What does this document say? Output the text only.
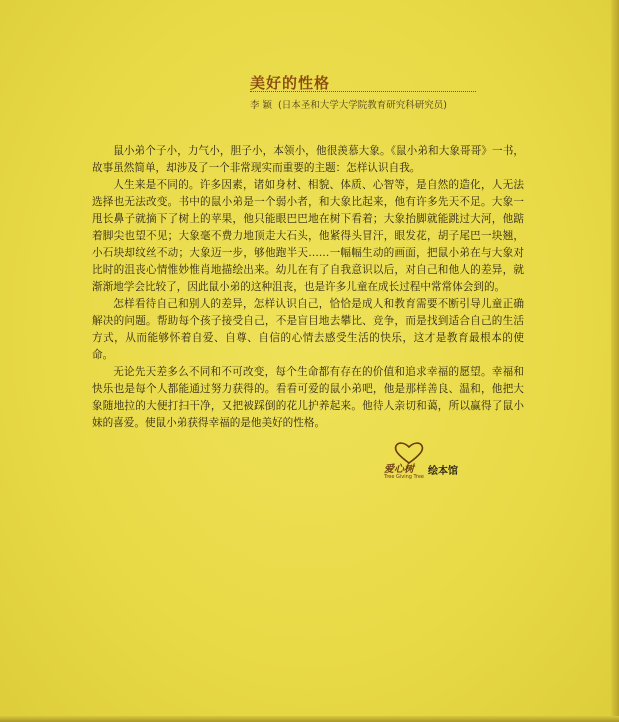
美好的性格
李 颖 (日本圣和大学大学院教育研究科研究员)

鼠小弟个子小，力气小，胆子小，本领小，他很羡慕大象。《鼠小弟和大象哥哥》一书，故事虽然简单，却涉及了一个非常现实而重要的主题：怎样认识自我。

人生来是不同的。许多因素，诸如身材、相貌、体质、心智等，是自然的造化，人无法选择也无法改变。书中的鼠小弟是一个弱小者，和大象比起来，他有许多先天不足。大象一甩长鼻子就摘下了树上的苹果，他只能眼巴巴地在树下看着；大象抬脚就能跳过大河，他踮着脚尖也望不见；大象毫不费力地顶走大石头，他紧得头冒汗，眼发花，胡子尾巴一块翘，小石块却纹丝不动；大象迈一步，够他跑半天……一幅幅生动的画面，把鼠小弟在与大象对比时的沮丧心情惟妙惟肖地描绘出来。幼儿在有了自我意识以后，对自己和他人的差异，就渐渐地学会比较了，因此鼠小弟的这种沮丧，也是许多儿童在成长过程中常常体会到的。

怎样看待自己和别人的差异，怎样认识自己，恰恰是成人和教育需要不断引导儿童正确解决的问题。帮助每个孩子接受自己，不是盲目地去攀比、竞争，而是找到适合自己的生活方式，从而能够怀着自爱、自尊、自信的心情去感受生活的快乐，这才是教育最根本的使命。

无论先天差多么不同和不可改变，每个生命都有存在的价值和追求幸福的愿望。幸福和快乐也是每个人都能通过努力获得的。看看可爱的鼠小弟吧，他是那样善良、温和，他把大象随地拉的大便打扫干净，又把被踩倒的花儿护养起来。他待人亲切和蔼，所以赢得了鼠小妹的喜爱。使鼠小弟获得幸福的是他美好的性格。

爱心树
Tree Giving Tree 绘本馆
